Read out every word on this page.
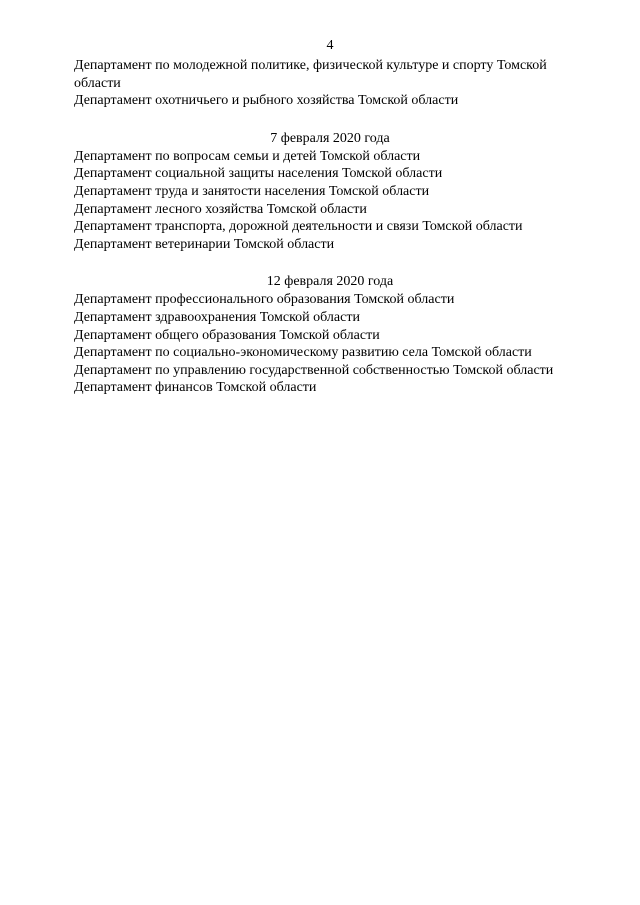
4
Департамент по молодежной политике, физической культуре и спорту Томской
области
Департамент охотничьего и рыбного хозяйства Томской области
7 февраля 2020 года
Департамент по вопросам семьи и детей Томской области
Департамент социальной защиты населения Томской области
Департамент труда и занятости населения Томской области
Департамент лесного хозяйства Томской области
Департамент транспорта, дорожной деятельности и связи Томской области
Департамент ветеринарии Томской области
12 февраля 2020 года
Департамент профессионального образования Томской области
Департамент здравоохранения Томской области
Департамент общего образования Томской области
Департамент по социально-экономическому развитию села Томской области
Департамент по управлению государственной собственностью Томской области
Департамент финансов Томской области
